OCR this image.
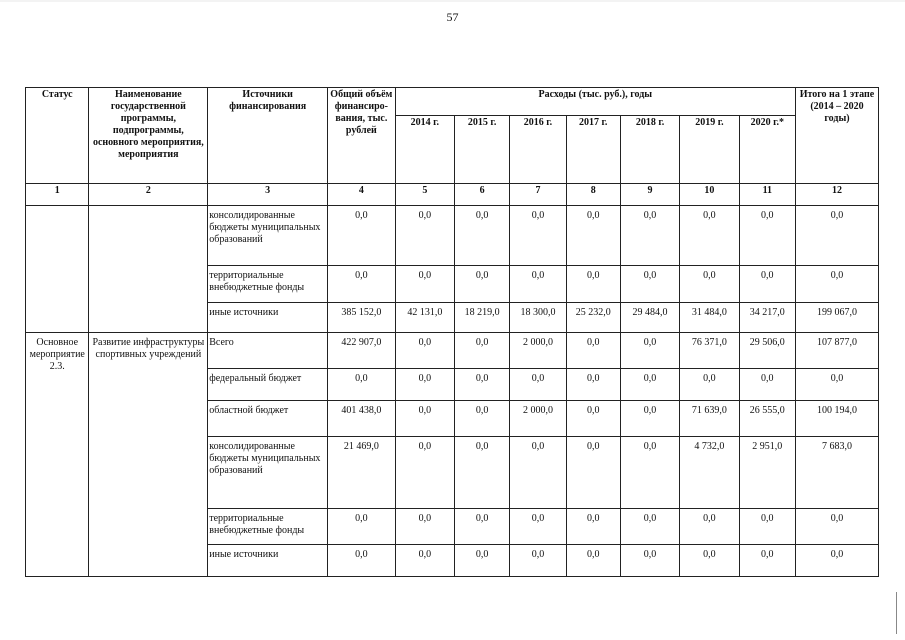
57
Статус	Наименование государственной программы, подпрограммы, основного мероприятия, мероприятия	Источники финансирования	Общий объём финансиро-вания, тыс. рублей	Расходы (тыс. руб.), годы							Итого на 1 этапе (2014 – 2020 годы)
				2014 г.	2015 г.	2016 г.	2017 г.	2018 г.	2019 г.	2020 г.*	
1	2	3	4	5	6	7	8	9	10	11	12
		консолидированные бюджеты муниципальных образований	0,0	0,0	0,0	0,0	0,0	0,0	0,0	0,0	0,0
		территориальные внебюджетные фонды	0,0	0,0	0,0	0,0	0,0	0,0	0,0	0,0	0,0
		иные источники	385 152,0	42 131,0	18 219,0	18 300,0	25 232,0	29 484,0	31 484,0	34 217,0	199 067,0
Основное мероприятие 2.3.	Развитие инфраструктуры спортивных учреждений	Всего	422 907,0	0,0	0,0	2 000,0	0,0	0,0	76 371,0	29 506,0	107 877,0
		федеральный бюджет	0,0	0,0	0,0	0,0	0,0	0,0	0,0	0,0	0,0
		областной бюджет	401 438,0	0,0	0,0	2 000,0	0,0	0,0	71 639,0	26 555,0	100 194,0
		консолидированные бюджеты муниципальных образований	21 469,0	0,0	0,0	0,0	0,0	0,0	4 732,0	2 951,0	7 683,0
		территориальные внебюджетные фонды	0,0	0,0	0,0	0,0	0,0	0,0	0,0	0,0	0,0
		иные источники	0,0	0,0	0,0	0,0	0,0	0,0	0,0	0,0	0,0
